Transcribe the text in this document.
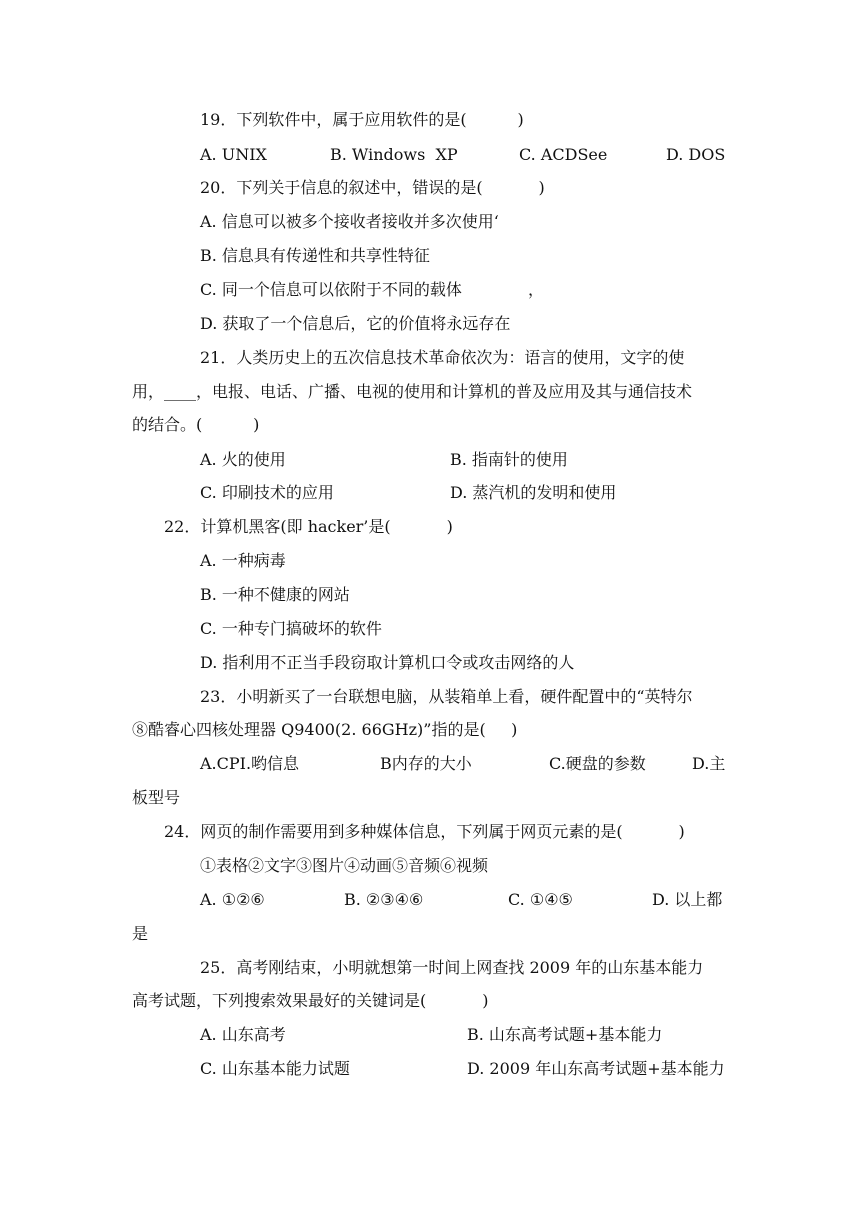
19．下列软件中，属于应用软件的是(          )
A. UNIX	B. Windows  XP	C. ACDSee	D. DOS
20．下列关于信息的叙述中，错误的是(           )
A. 信息可以被多个接收者接收并多次使用‘
B. 信息具有传递性和共享性特征
C. 同一个信息可以依附于不同的载体             ，
D. 获取了一个信息后，它的价值将永远存在
21．人类历史上的五次信息技术革命依次为：语言的使用，文字的使
用，____，电报、电话、广播、电视的使用和计算机的普及应用及其与通信技术
的结合。(          )
A. 火的使用	B. 指南针的使用
C. 印刷技术的应用	D. 蒸汽机的发明和使用
22．计算机黑客(即 hacker’是(           )
A. 一种病毒
B. 一种不健康的网站
C. 一种专门搞破坏的软件
D. 指利用不正当手段窃取计算机口令或攻击网络的人
23．小明新买了一台联想电脑，从装箱单上看，硬件配置中的“英特尔
⑧酷睿心四核处理器 Q9400(2. 66GHz)”指的是(     )
A.CPI.哟信息	B内存的大小	C.硬盘的参数	D.主
板型号
24．网页的制作需要用到多种媒体信息，下列属于网页元素的是(           )
①表格②文字③图片④动画⑤音频⑥视频
A. ①②⑥	B. ②③④⑥	C. ①④⑤	D. 以上都
是
25．高考刚结束，小明就想第一时间上网查找 2009 年的山东基本能力
高考试题，下列搜索效果最好的关键词是(           )
A. 山东高考	B. 山东高考试题+基本能力
C. 山东基本能力试题	D. 2009 年山东高考试题+基本能力
